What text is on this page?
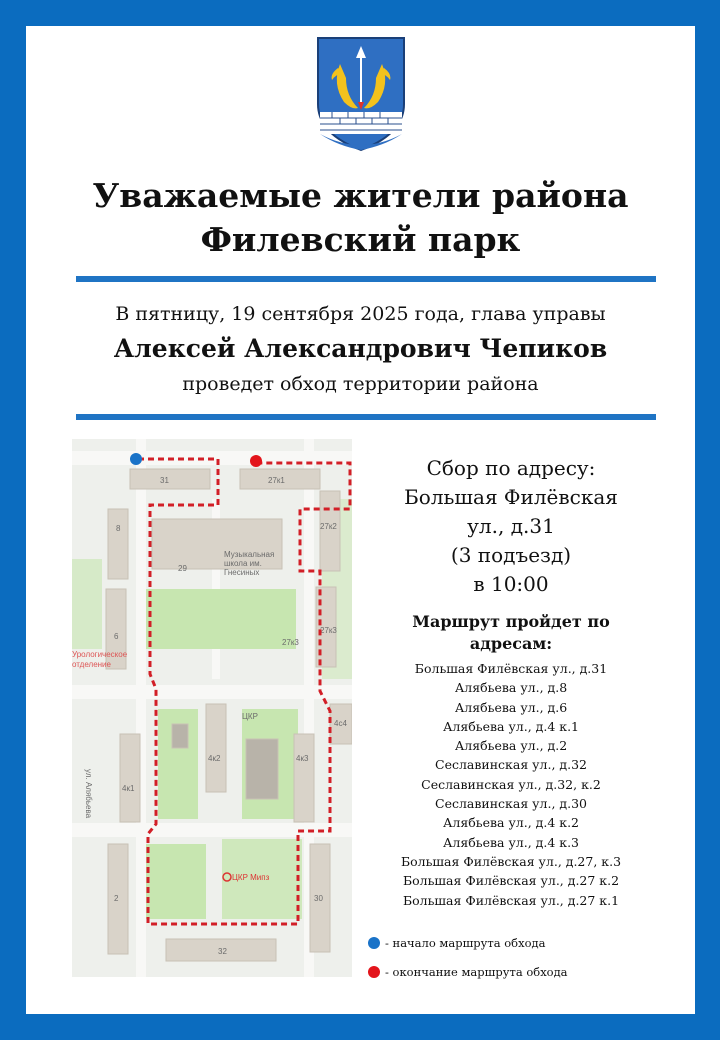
Уважаемые жители района
Филевский парк
В пятницу, 19 сентября 2025 года, глава управы
Алексей Александрович Чепиков
проведет обход территории района
31	27к1
27к2
8
6
29
27к3
27к3
4к1
4к2	4к3
4с4
2	30
32
Музыкальная
школа им.
Гнесиных
ЦКР
ЦКР Мипз
Урологическое
отделение
ул. Алябьева
Сбор по адресу:
Большая Филёвская
ул., д.31
(3 подъезд)
в 10:00
Маршрут пройдет по
адресам:
Большая Филёвская ул., д.31
Алябьева ул., д.8
Алябьева ул., д.6
Алябьева ул., д.4 к.1
Алябьева ул., д.2
Сеславинская ул., д.32
Сеславинская ул., д.32, к.2
Сеславинская ул., д.30
Алябьева ул., д.4 к.2
Алябьева ул., д.4 к.3
Большая Филёвская ул., д.27, к.3
Большая Филёвская ул., д.27 к.2
Большая Филёвская ул., д.27 к.1
- начало маршрута обхода
- окончание маршрута обхода
